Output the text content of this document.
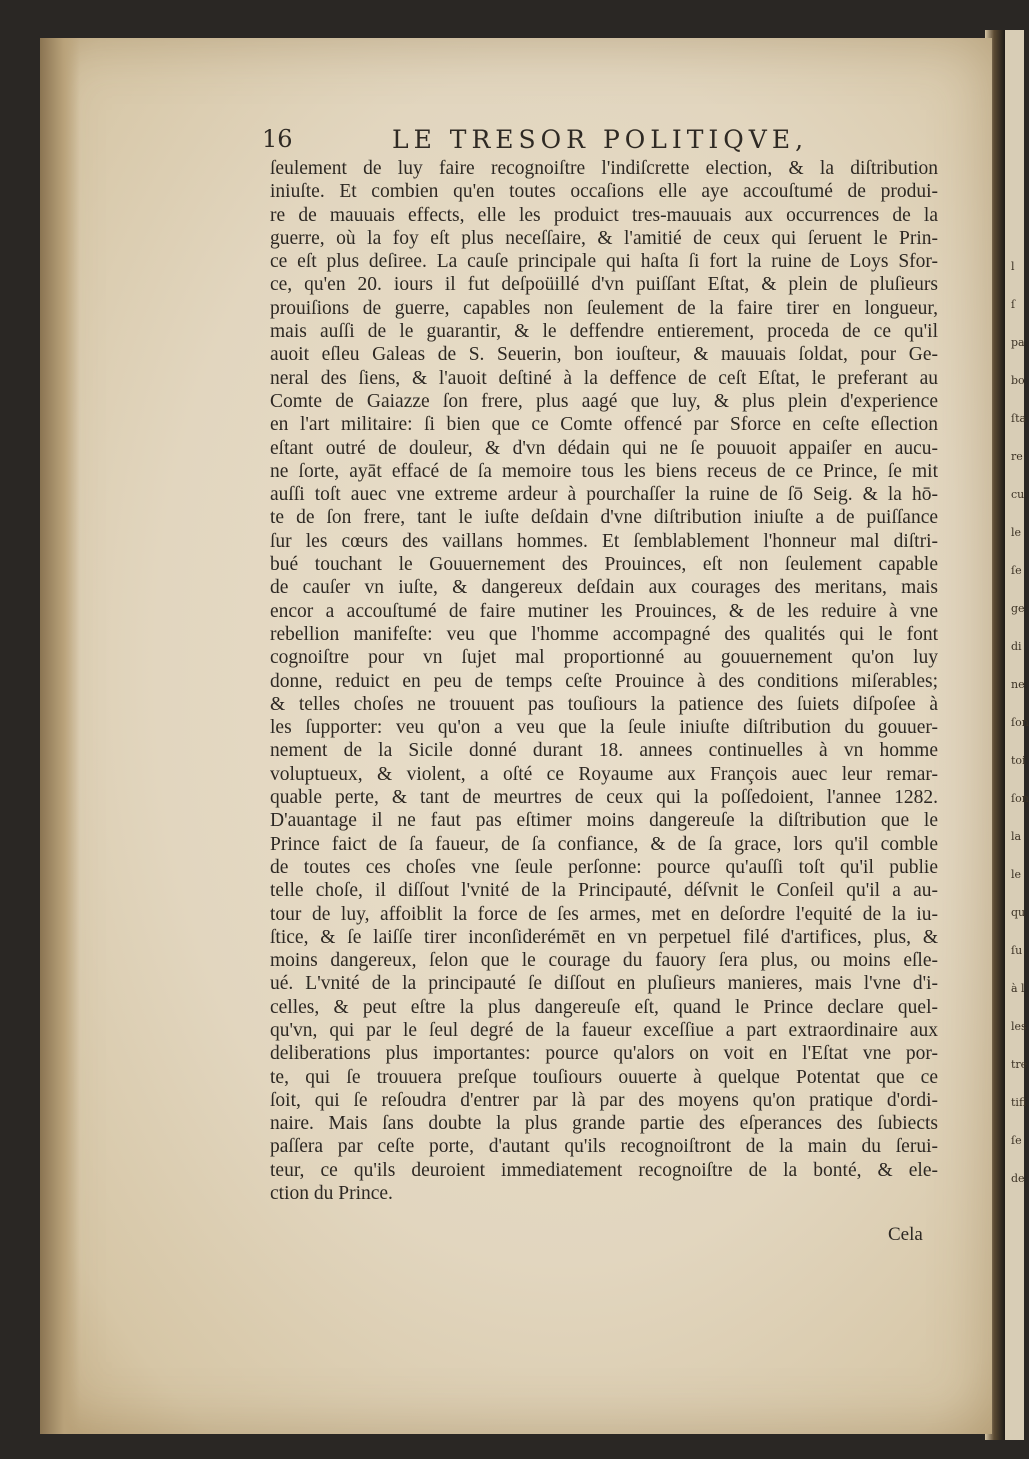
l
ſ
pa
bo
ſta
re
cu
le
ſe
ge
di
ne
ſon
toi
ſon
la
le
qu
ſu
à l
les
tre
tifi
ſe
de
16	LE TRESOR POLITIQVE,
ſeulement de luy faire recognoiſtre l'indiſcrette election, & la diſtribution
iniuſte. Et combien qu'en toutes occaſions elle aye accouſtumé de produi-
re de mauuais effects, elle les produict tres-mauuais aux occurrences de la
guerre, où la foy eſt plus neceſſaire, & l'amitié de ceux qui ſeruent le Prin-
ce eſt plus deſiree. La cauſe principale qui haſta ſi fort la ruine de Loys Sfor-
ce, qu'en 20. iours il fut deſpoüillé d'vn puiſſant Eſtat, & plein de pluſieurs
prouiſions de guerre, capables non ſeulement de la faire tirer en longueur,
mais auſſi de le guarantir, & le deffendre entierement, proceda de ce qu'il
auoit eſleu Galeas de S. Seuerin, bon iouſteur, & mauuais ſoldat, pour Ge-
neral des ſiens, & l'auoit deſtiné à la deffence de ceſt Eſtat, le preferant au
Comte de Gaiazze ſon frere, plus aagé que luy, & plus plein d'experience
en l'art militaire: ſi bien que ce Comte offencé par Sforce en ceſte eſlection
eſtant outré de douleur, & d'vn dédain qui ne ſe pouuoit appaiſer en aucu-
ne ſorte, ayāt effacé de ſa memoire tous les biens receus de ce Prince, ſe mit
auſſi toſt auec vne extreme ardeur à pourchaſſer la ruine de ſō Seig. & la hō-
te de ſon frere, tant le iuſte deſdain d'vne diſtribution iniuſte a de puiſſance
ſur les cœurs des vaillans hommes. Et ſemblablement l'honneur mal diſtri-
bué touchant le Gouuernement des Prouinces, eſt non ſeulement capable
de cauſer vn iuſte, & dangereux deſdain aux courages des meritans, mais
encor a accouſtumé de faire mutiner les Prouinces, & de les reduire à vne
rebellion manifeſte: veu que l'homme accompagné des qualités qui le font
cognoiſtre pour vn ſujet mal proportionné au gouuernement qu'on luy
donne, reduict en peu de temps ceſte Prouince à des conditions miſerables;
& telles choſes ne trouuent pas touſiours la patience des ſuiets diſpoſee à
les ſupporter: veu qu'on a veu que la ſeule iniuſte diſtribution du gouuer-
nement de la Sicile donné durant 18. annees continuelles à vn homme
voluptueux, & violent, a oſté ce Royaume aux François auec leur remar-
quable perte, & tant de meurtres de ceux qui la poſſedoient, l'annee 1282.
D'auantage il ne faut pas eſtimer moins dangereuſe la diſtribution que le
Prince faict de ſa faueur, de ſa confiance, & de ſa grace, lors qu'il comble
de toutes ces choſes vne ſeule perſonne: pource qu'auſſi toſt qu'il publie
telle choſe, il diſſout l'vnité de la Principauté, déſvnit le Conſeil qu'il a au-
tour de luy, affoiblit la force de ſes armes, met en deſordre l'equité de la iu-
ſtice, & ſe laiſſe tirer inconſiderémēt en vn perpetuel filé d'artifices, plus, &
moins dangereux, ſelon que le courage du fauory ſera plus, ou moins eſle-
ué. L'vnité de la principauté ſe diſſout en pluſieurs manieres, mais l'vne d'i-
celles, & peut eſtre la plus dangereuſe eſt, quand le Prince declare quel-
qu'vn, qui par le ſeul degré de la faueur exceſſiue a part extraordinaire aux
deliberations plus importantes: pource qu'alors on voit en l'Eſtat vne por-
te, qui ſe trouuera preſque touſiours ouuerte à quelque Potentat que ce
ſoit, qui ſe reſoudra d'entrer par là par des moyens qu'on pratique d'ordi-
naire. Mais ſans doubte la plus grande partie des eſperances des ſubiects
paſſera par ceſte porte, d'autant qu'ils recognoiſtront de la main du ſerui-
teur, ce qu'ils deuroient immediatement recognoiſtre de la bonté, & ele-
ction du Prince.
Cela
